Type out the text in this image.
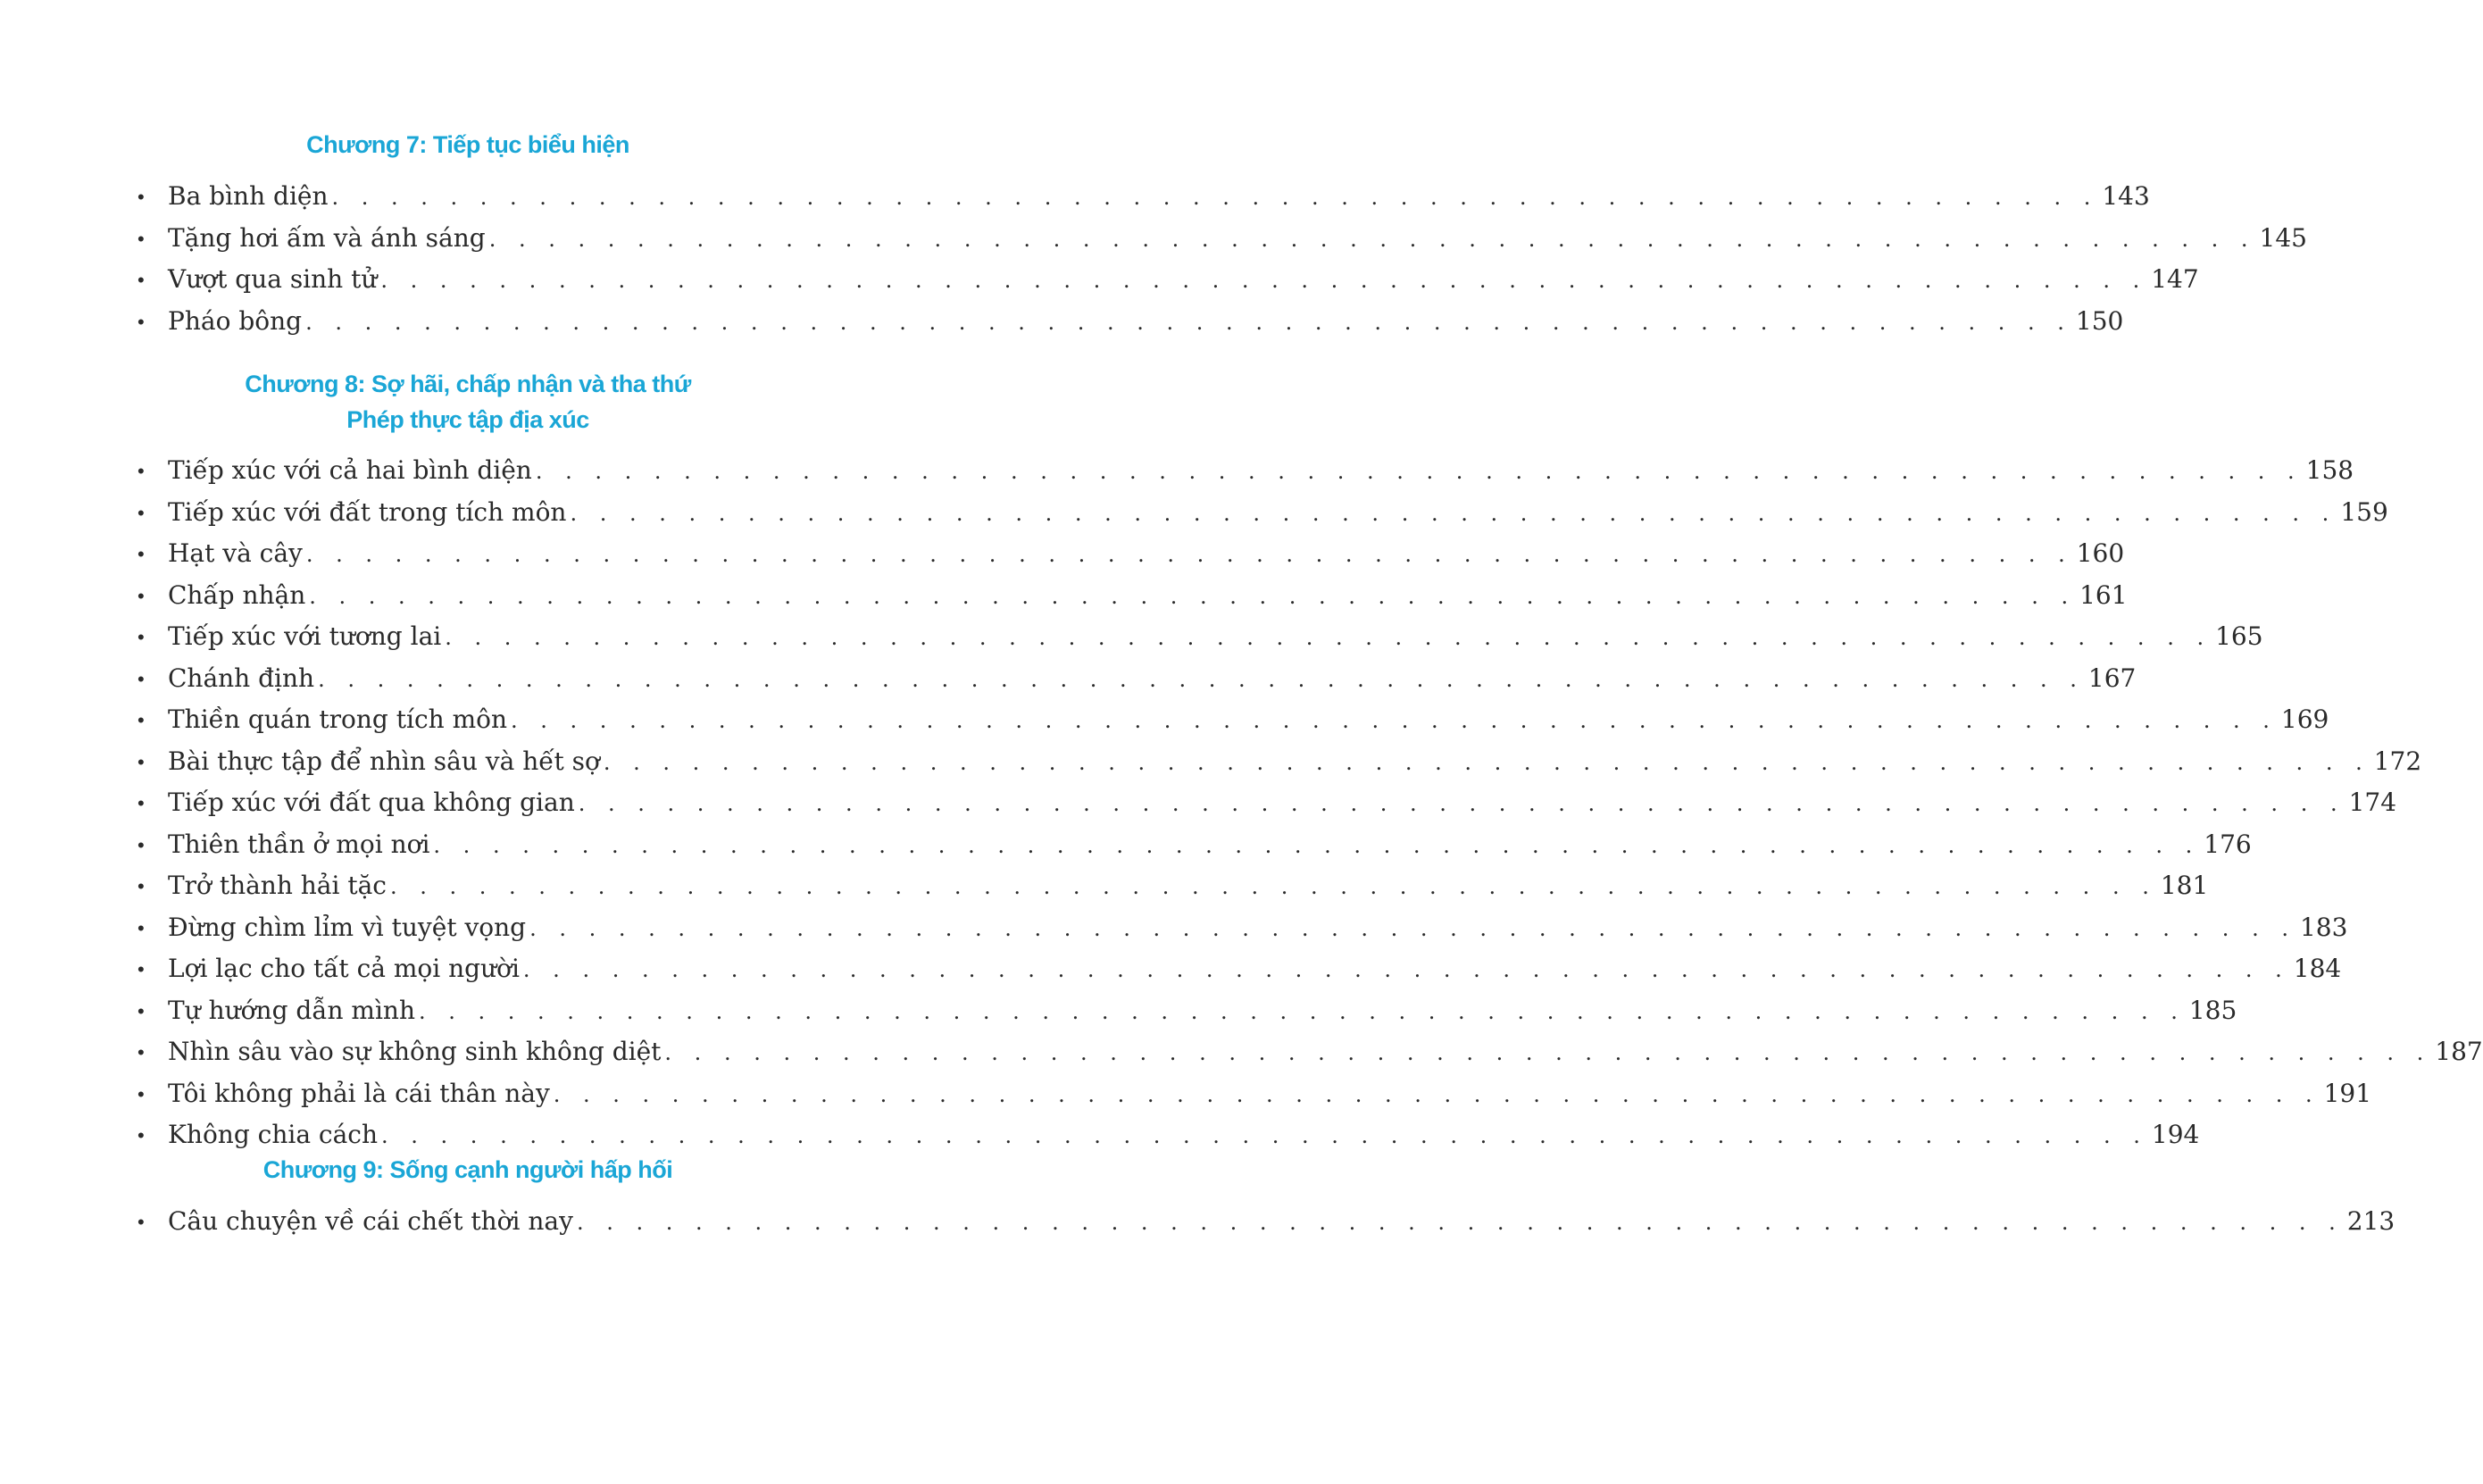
Chương 7: Tiếp tục biểu hiện
• Ba bình diện . . . . . . . . . . . . . . . . . . . . . . . . . . . . . . . . . . . . . . . . . . . . . . . . . . . . . . . . . . . . 143
• Tặng hơi ấm và ánh sáng . . . . . . . . . . . . . . . . . . . . . . . . . . . . . . . . . . . . . . . . . . . . . . . . . . . . . . . . . . . . 145
• Vượt qua sinh tử . . . . . . . . . . . . . . . . . . . . . . . . . . . . . . . . . . . . . . . . . . . . . . . . . . . . . . . . . . . . 147
• Pháo bông . . . . . . . . . . . . . . . . . . . . . . . . . . . . . . . . . . . . . . . . . . . . . . . . . . . . . . . . . . . . 150
Chương 8: Sợ hãi, chấp nhận và tha thứ
Phép thực tập địa xúc
• Tiếp xúc với cả hai bình diện . . . . . . . . . . . . . . . . . . . . . . . . . . . . . . . . . . . . . . . . . . . . . . . . . . . . . . . . . . . . 158
• Tiếp xúc với đất trong tích môn . . . . . . . . . . . . . . . . . . . . . . . . . . . . . . . . . . . . . . . . . . . . . . . . . . . . . . . . . . . . 159
• Hạt và cây . . . . . . . . . . . . . . . . . . . . . . . . . . . . . . . . . . . . . . . . . . . . . . . . . . . . . . . . . . . . 160
• Chấp nhận . . . . . . . . . . . . . . . . . . . . . . . . . . . . . . . . . . . . . . . . . . . . . . . . . . . . . . . . . . . . 161
• Tiếp xúc với tương lai . . . . . . . . . . . . . . . . . . . . . . . . . . . . . . . . . . . . . . . . . . . . . . . . . . . . . . . . . . . . 165
• Chánh định . . . . . . . . . . . . . . . . . . . . . . . . . . . . . . . . . . . . . . . . . . . . . . . . . . . . . . . . . . . . 167
• Thiền quán trong tích môn . . . . . . . . . . . . . . . . . . . . . . . . . . . . . . . . . . . . . . . . . . . . . . . . . . . . . . . . . . . . 169
• Bài thực tập để nhìn sâu và hết sợ . . . . . . . . . . . . . . . . . . . . . . . . . . . . . . . . . . . . . . . . . . . . . . . . . . . . . . . . . . . . 172
• Tiếp xúc với đất qua không gian . . . . . . . . . . . . . . . . . . . . . . . . . . . . . . . . . . . . . . . . . . . . . . . . . . . . . . . . . . . . 174
• Thiên thần ở mọi nơi . . . . . . . . . . . . . . . . . . . . . . . . . . . . . . . . . . . . . . . . . . . . . . . . . . . . . . . . . . . . 176
• Trở thành hải tặc . . . . . . . . . . . . . . . . . . . . . . . . . . . . . . . . . . . . . . . . . . . . . . . . . . . . . . . . . . . . 181
• Đừng chìm lỉm vì tuyệt vọng . . . . . . . . . . . . . . . . . . . . . . . . . . . . . . . . . . . . . . . . . . . . . . . . . . . . . . . . . . . . 183
• Lợi lạc cho tất cả mọi người . . . . . . . . . . . . . . . . . . . . . . . . . . . . . . . . . . . . . . . . . . . . . . . . . . . . . . . . . . . . 184
• Tự hướng dẫn mình . . . . . . . . . . . . . . . . . . . . . . . . . . . . . . . . . . . . . . . . . . . . . . . . . . . . . . . . . . . . 185
• Nhìn sâu vào sự không sinh không diệt . . . . . . . . . . . . . . . . . . . . . . . . . . . . . . . . . . . . . . . . . . . . . . . . . . . . . . . . . . . . 187
• Tôi không phải là cái thân này . . . . . . . . . . . . . . . . . . . . . . . . . . . . . . . . . . . . . . . . . . . . . . . . . . . . . . . . . . . . 191
• Không chia cách . . . . . . . . . . . . . . . . . . . . . . . . . . . . . . . . . . . . . . . . . . . . . . . . . . . . . . . . . . . . 194
Chương 9: Sống cạnh người hấp hối
• Câu chuyện về cái chết thời nay . . . . . . . . . . . . . . . . . . . . . . . . . . . . . . . . . . . . . . . . . . . . . . . . . . . . . . . . . . . . 213
